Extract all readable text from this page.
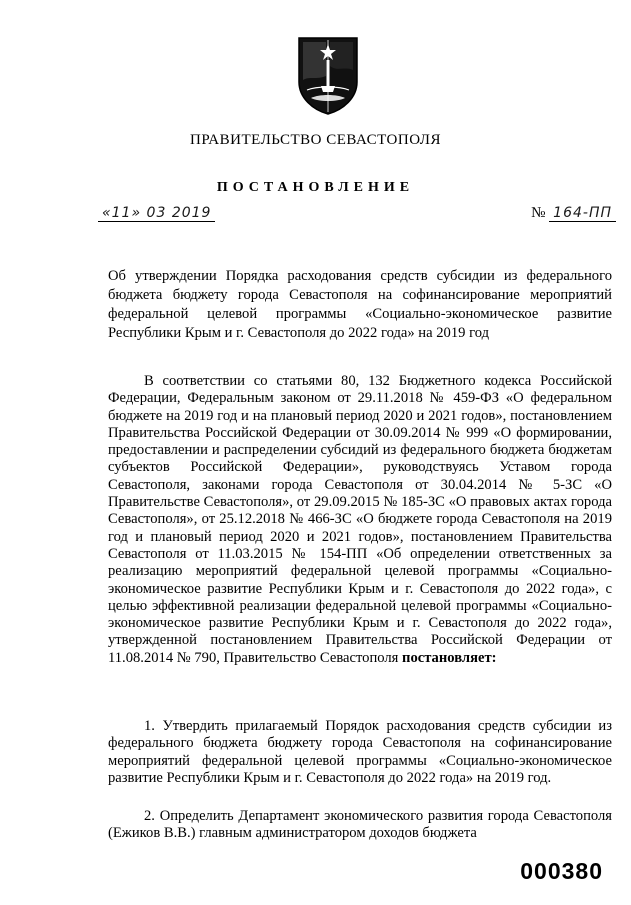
ПРАВИТЕЛЬСТВО СЕВАСТОПОЛЯ
ПОСТАНОВЛЕНИЕ
«11» 03 2019	№ 164-ПП
Об утверждении Порядка расходования средств субсидии из федерального бюджета бюджету города Севастополя на софинансирование мероприятий федеральной целевой программы «Социально-экономическое развитие Республики Крым и г. Севастополя до 2022 года» на 2019 год

В соответствии со статьями 80, 132 Бюджетного кодекса Российской Федерации, Федеральным законом от 29.11.2018 № 459-ФЗ «О федеральном бюджете на 2019 год и на плановый период 2020 и 2021 годов», постановлением Правительства Российской Федерации от 30.09.2014 № 999 «О формировании, предоставлении и распределении субсидий из федерального бюджета бюджетам субъектов Российской Федерации», руководствуясь Уставом города Севастополя, законами города Севастополя от 30.04.2014 № 5-ЗС «О Правительстве Севастополя», от 29.09.2015 № 185-ЗС «О правовых актах города Севастополя», от 25.12.2018 № 466-ЗС «О бюджете города Севастополя на 2019 год и плановый период 2020 и 2021 годов», постановлением Правительства Севастополя от 11.03.2015 № 154-ПП «Об определении ответственных за реализацию мероприятий федеральной целевой программы «Социально-экономическое развитие Республики Крым и г. Севастополя до 2022 года», с целью эффективной реализации федеральной целевой программы «Социально-экономическое развитие Республики Крым и г. Севастополя до 2022 года», утвержденной постановлением Правительства Российской Федерации от 11.08.2014 № 790, Правительство Севастополя постановляет:

1. Утвердить прилагаемый Порядок расходования средств субсидии из федерального бюджета бюджету города Севастополя на софинансирование мероприятий федеральной целевой программы «Социально-экономическое развитие Республики Крым и г. Севастополя до 2022 года» на 2019 год.

2. Определить Департамент экономического развития города Севастополя (Ежиков В.В.) главным администратором доходов бюджета

000380
